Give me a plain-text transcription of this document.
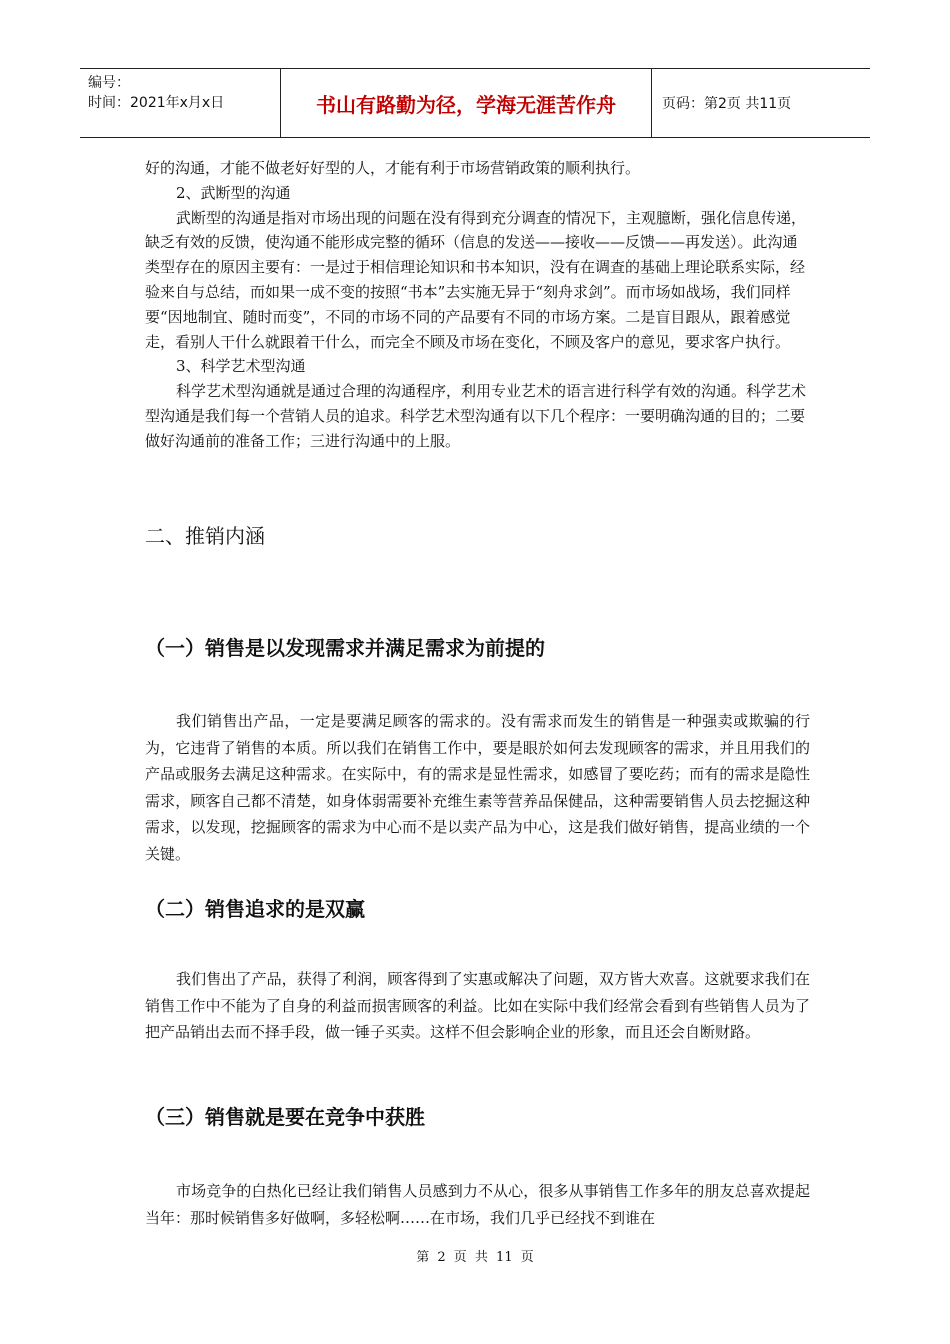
编号：
时间：2021年x月x日	书山有路勤为径，学海无涯苦作舟	页码：第2页 共11页

好的沟通，才能不做老好好型的人，才能有利于市场营销政策的顺利执行。

2、武断型的沟通

武断型的沟通是指对市场出现的问题在没有得到充分调查的情况下，主观臆断，强化信息传递，缺乏有效的反馈，使沟通不能形成完整的循环（信息的发送——接收——反馈——再发送）。此沟通类型存在的原因主要有：一是过于相信理论知识和书本知识，没有在调查的基础上理论联系实际，经验来自与总结，而如果一成不变的按照“书本”去实施无异于“刻舟求剑”。而市场如战场，我们同样要“因地制宜、随时而变”，不同的市场不同的产品要有不同的市场方案。二是盲目跟从，跟着感觉走，看别人干什么就跟着干什么，而完全不顾及市场在变化，不顾及客户的意见，要求客户执行。

3、科学艺术型沟通

科学艺术型沟通就是通过合理的沟通程序，利用专业艺术的语言进行科学有效的沟通。科学艺术型沟通是我们每一个营销人员的追求。科学艺术型沟通有以下几个程序：一要明确沟通的目的；二要做好沟通前的准备工作；三进行沟通中的上服。

二、推销内涵
（一）销售是以发现需求并满足需求为前提的

我们销售出产品，一定是要满足顾客的需求的。没有需求而发生的销售是一种强卖或欺骗的行为，它违背了销售的本质。所以我们在销售工作中，要是眼於如何去发现顾客的需求，并且用我们的产品或服务去满足这种需求。在实际中，有的需求是显性需求，如感冒了要吃药；而有的需求是隐性需求，顾客自己都不清楚，如身体弱需要补充维生素等营养品保健品，这种需要销售人员去挖掘这种需求，以发现，挖掘顾客的需求为中心而不是以卖产品为中心，这是我们做好销售，提高业绩的一个关键。

（二）销售追求的是双赢

我们售出了产品，获得了利润，顾客得到了实惠或解决了问题，双方皆大欢喜。这就要求我们在销售工作中不能为了自身的利益而损害顾客的利益。比如在实际中我们经常会看到有些销售人员为了把产品销出去而不择手段，做一锤子买卖。这样不但会影响企业的形象，而且还会自断财路。

（三）销售就是要在竞争中获胜

市场竞争的白热化已经让我们销售人员感到力不从心，很多从事销售工作多年的朋友总喜欢提起当年：那时候销售多好做啊，多轻松啊……在市场，我们几乎已经找不到谁在

第 2 页 共 11 页
